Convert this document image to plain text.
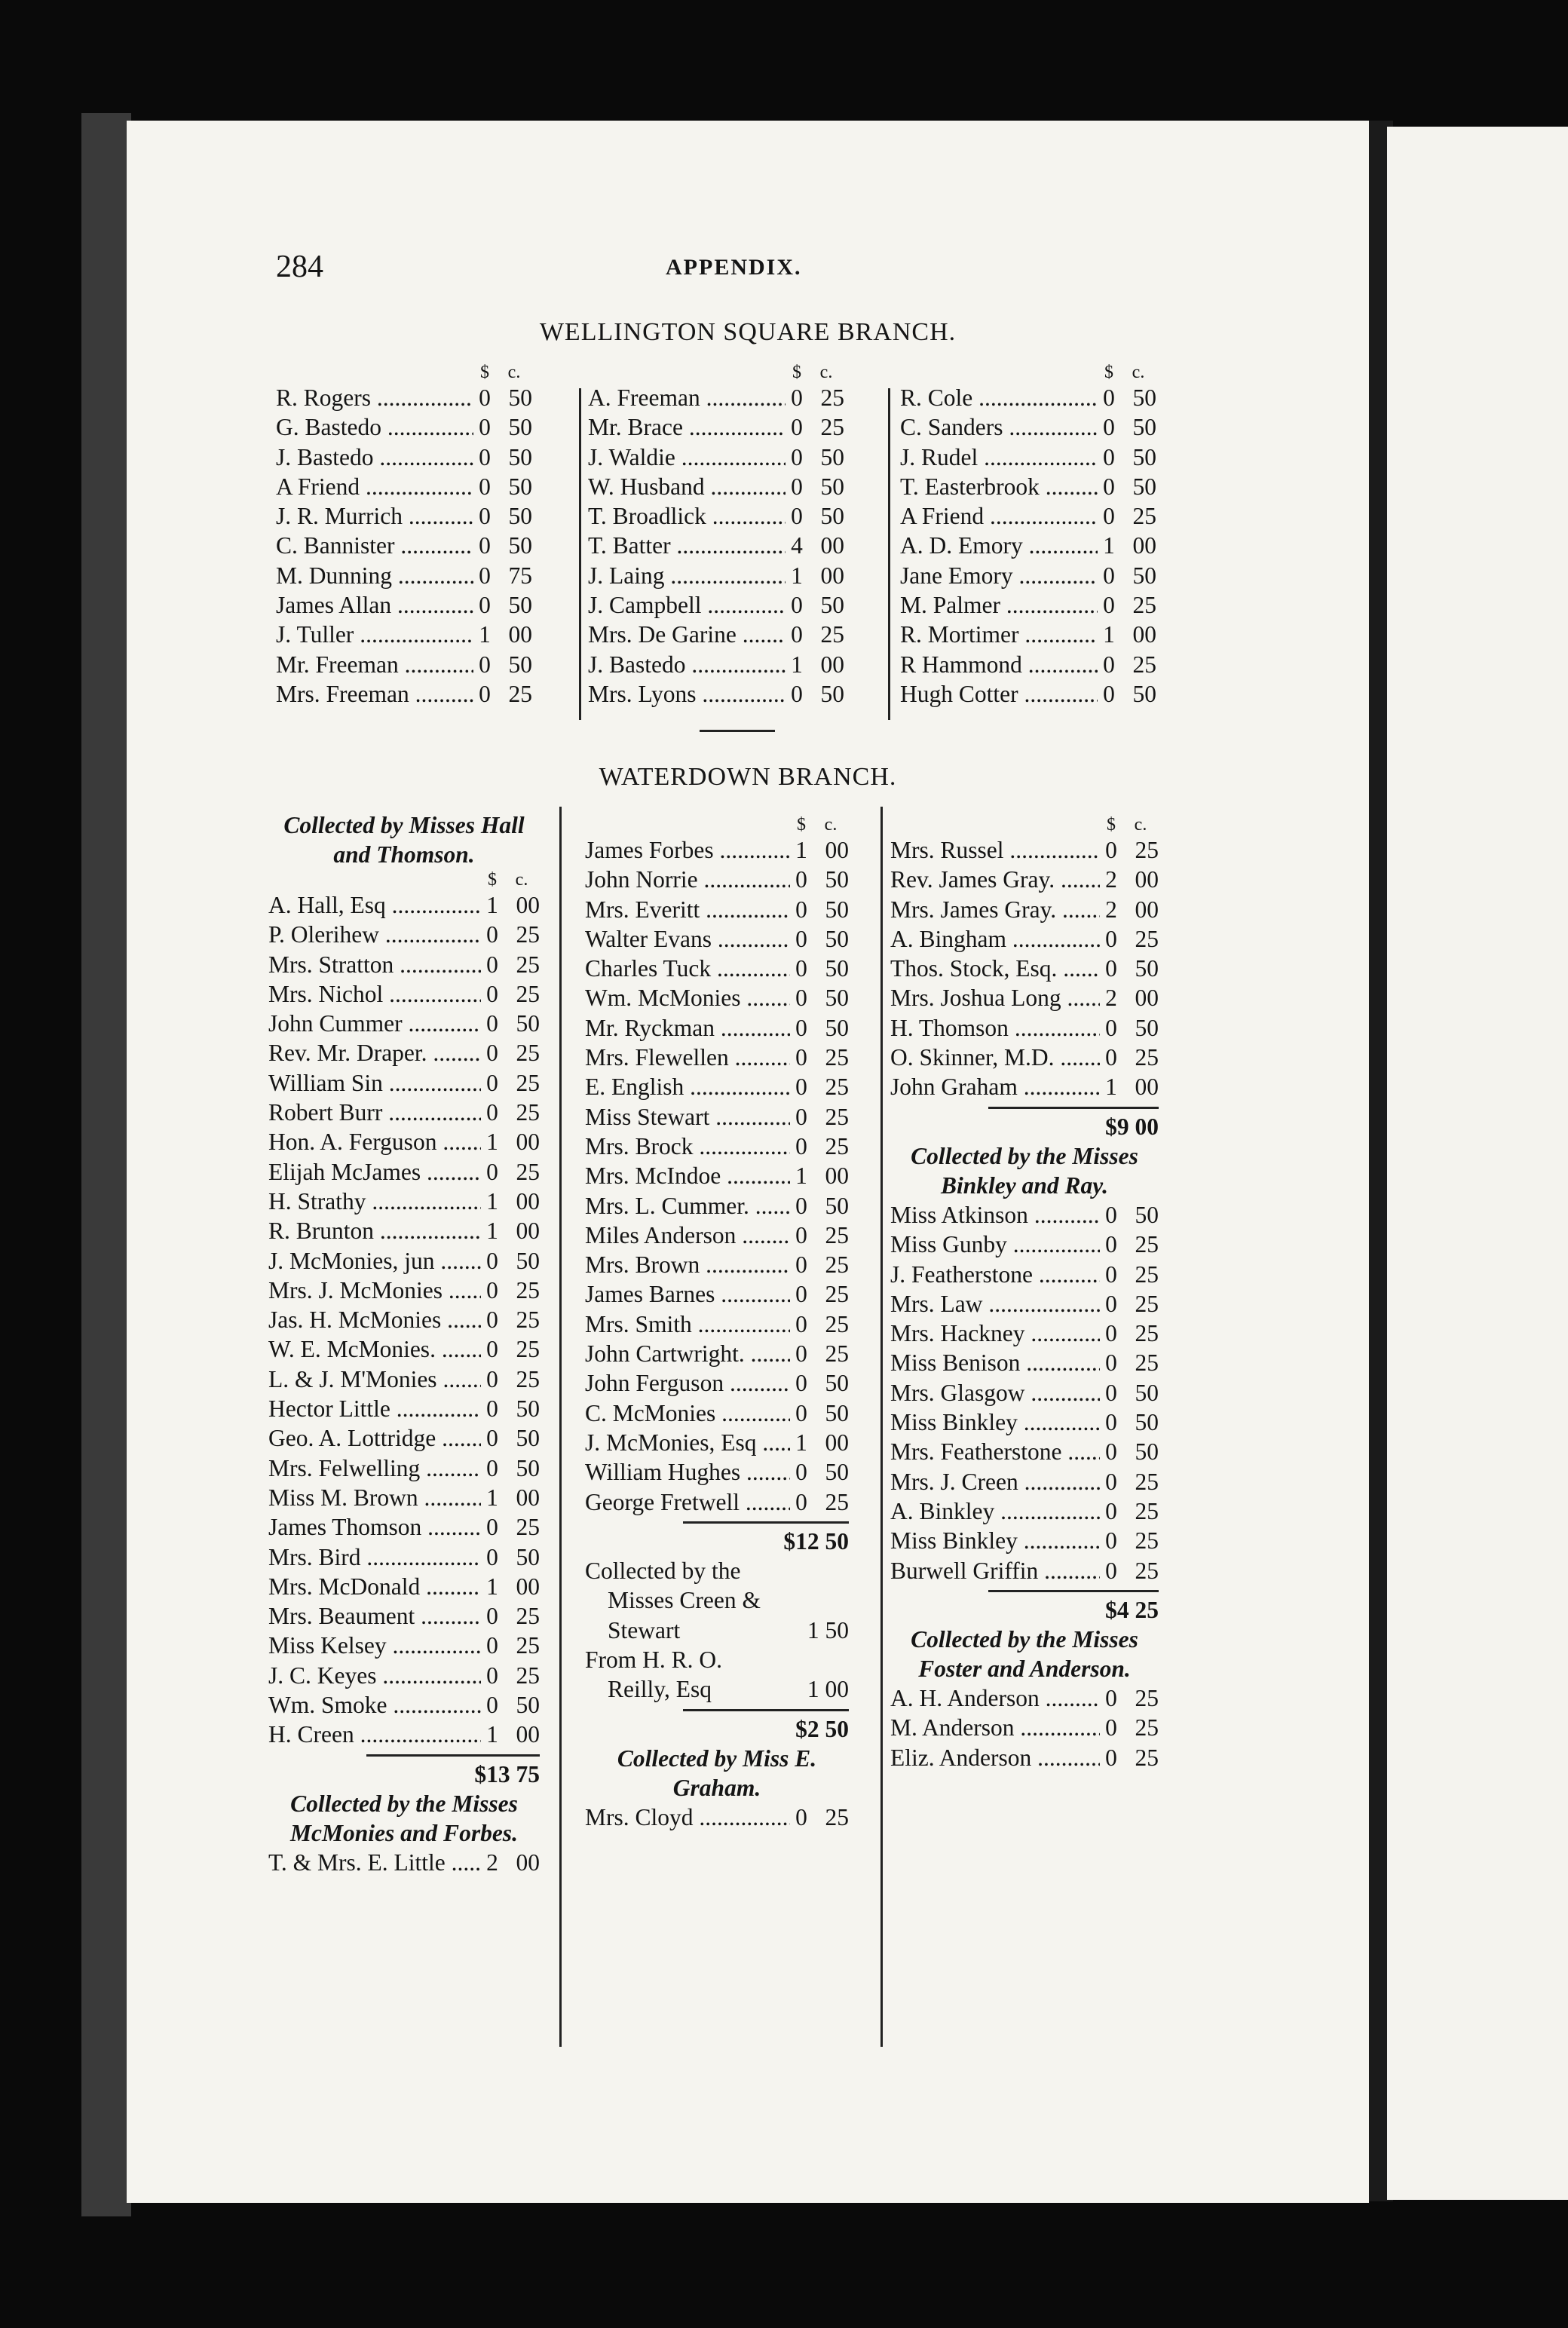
284	APPENDIX.
WELLINGTON SQUARE BRANCH.
$	c.
R. Rogers .....	0 50
G. Bastedo .....	0 50
J. Bastedo .....	0 50
A Friend .....	0 50
J. R. Murrich .....	0 50
C. Bannister .....	0 50
M. Dunning .....	0 75
James Allan .....	0 50
J. Tuller .....	1 00
Mr. Freeman .....	0 50
Mrs. Freeman .....	0 25
$	c.
A. Freeman .....	0 25
Mr. Brace .....	0 25
J. Waldie .....	0 50
W. Husband .....	0 50
T. Broadlick .....	0 50
T. Batter .....	4 00
J. Laing .....	1 00
J. Campbell .....	0 50
Mrs. De Garine .....	0 25
J. Bastedo .....	1 00
Mrs. Lyons .....	0 50
$	c.
R. Cole .....	0 50
C. Sanders .....	0 50
J. Rudel .....	0 50
T. Easterbrook .....	0 50
A Friend .....	0 25
A. D. Emory .....	1 00
Jane Emory .....	0 50
M. Palmer .....	0 25
R. Mortimer .....	1 00
R Hammond .....	0 25
Hugh Cotter .....	0 50
WATERDOWN BRANCH.
Collected by Misses Hall and Thomson.
$	c.
A. Hall, Esq .....	1 00
P. Olerihew .....	0 25
Mrs. Stratton .....	0 25
Mrs. Nichol .....	0 25
John Cummer .....	0 50
Rev. Mr. Draper. .....	0 25
William Sin .....	0 25
Robert Burr .....	0 25
Hon. A. Ferguson .....	1 00
Elijah McJames .....	0 25
H. Strathy .....	1 00
R. Brunton .....	1 00
J. McMonies, jun .....	0 50
Mrs. J. McMonies .....	0 25
Jas. H. McMonies .....	0 25
W. E. McMonies. .....	0 25
L. & J. M'Monies .....	0 25
Hector Little .....	0 50
Geo. A. Lottridge .....	0 50
Mrs. Felwelling .....	0 50
Miss M. Brown .....	1 00
James Thomson .....	0 25
Mrs. Bird .....	0 50
Mrs. McDonald .....	1 00
Mrs. Beaument .....	0 25
Miss Kelsey .....	0 25
J. C. Keyes .....	0 25
Wm. Smoke .....	0 50
H. Creen .....	1 00
$13 75
Collected by the Misses McMonies and Forbes.
T. & Mrs. E. Little .....	2 00
$	c.
James Forbes .....	1 00
John Norrie .....	0 50
Mrs. Everitt .....	0 50
Walter Evans .....	0 50
Charles Tuck .....	0 50
Wm. McMonies .....	0 50
Mr. Ryckman .....	0 50
Mrs. Flewellen .....	0 25
E. English .....	0 25
Miss Stewart .....	0 25
Mrs. Brock .....	0 25
Mrs. McIndoe .....	1 00
Mrs. L. Cummer. .....	0 50
Miles Anderson .....	0 25
Mrs. Brown .....	0 25
James Barnes .....	0 25
Mrs. Smith .....	0 25
John Cartwright. .....	0 25
John Ferguson .....	0 50
C. McMonies .....	0 50
J. McMonies, Esq .....	1 00
William Hughes .....	0 50
George Fretwell .....	0 25
$12 50
Collected by the
Misses Creen &
Stewart	1 50
From H. R. O.
Reilly, Esq	1 00
$2 50
Collected by Miss E. Graham.
Mrs. Cloyd .....	0 25
$	c.
Mrs. Russel .....	0 25
Rev. James Gray. .....	2 00
Mrs. James Gray. .....	2 00
A. Bingham .....	0 25
Thos. Stock, Esq. .....	0 50
Mrs. Joshua Long .....	2 00
H. Thomson .....	0 50
O. Skinner, M.D. .....	0 25
John Graham .....	1 00
$9 00
Collected by the Misses Binkley and Ray.
Miss Atkinson .....	0 50
Miss Gunby .....	0 25
J. Featherstone .....	0 25
Mrs. Law .....	0 25
Mrs. Hackney .....	0 25
Miss Benison .....	0 25
Mrs. Glasgow .....	0 50
Miss Binkley .....	0 50
Mrs. Featherstone .....	0 50
Mrs. J. Creen .....	0 25
A. Binkley .....	0 25
Miss Binkley .....	0 25
Burwell Griffin .....	0 25
$4 25
Collected by the Misses Foster and Anderson.
A. H. Anderson .....	0 25
M. Anderson .....	0 25
Eliz. Anderson .....	0 25
